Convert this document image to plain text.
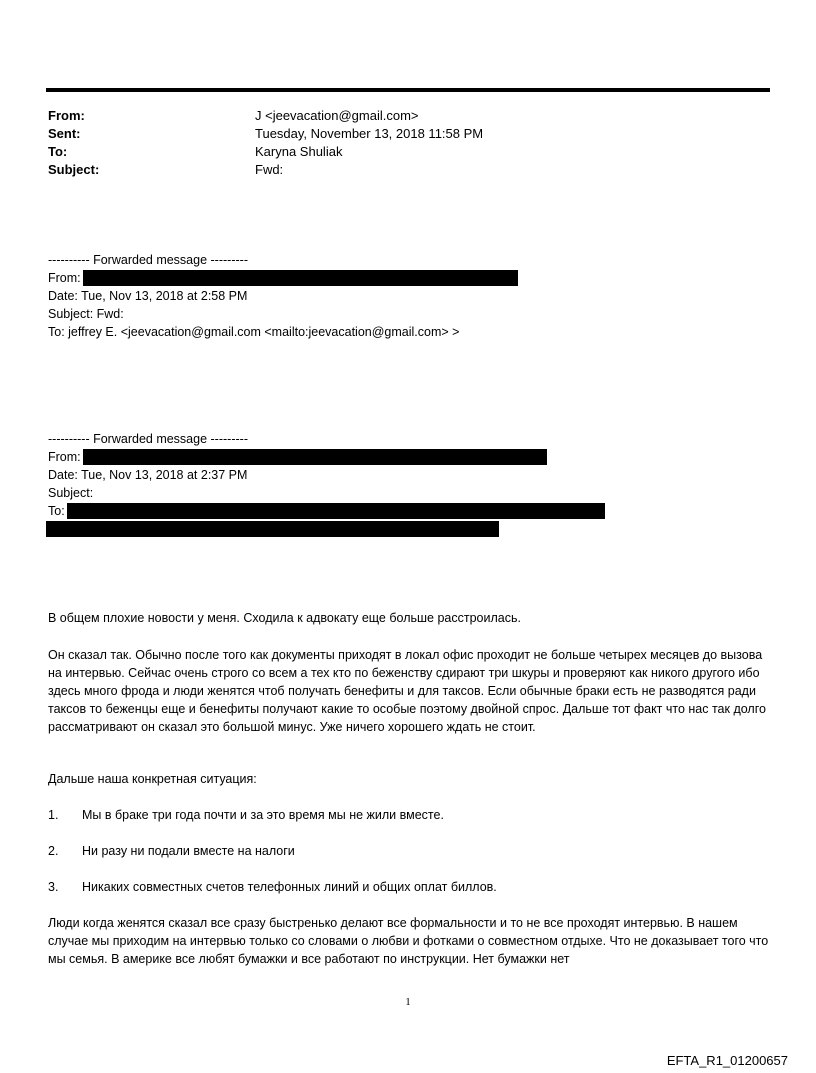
From:	J <jeevacation@gmail.com>
Sent:	Tuesday, November 13, 2018 11:58 PM
To:	Karyna Shuliak
Subject:	Fwd:
---------- Forwarded message ---------
From:
Date: Tue, Nov 13, 2018 at 2:58 PM
Subject: Fwd:
To: jeffrey E. <jeevacation@gmail.com <mailto:jeevacation@gmail.com> >
---------- Forwarded message ---------
From:
Date: Tue, Nov 13, 2018 at 2:37 PM
Subject:
To:
В общем плохие новости у меня. Сходила к адвокату еще больше расстроилась.
Он сказал так. Обычно после того как документы приходят в локал офис проходит не больше четырех месяцев до вызова на интервью. Сейчас очень строго со всем а тех кто по беженству сдирают три шкуры и проверяют как никого другого ибо здесь много фрода и люди женятся чтоб получать бенефиты и для таксов. Если обычные браки есть не разводятся ради таксов то беженцы еще и бенефиты получают какие то особые поэтому двойной спрос. Дальше тот факт что нас так долго рассматривают он сказал это большой минус. Уже ничего хорошего ждать не стоит.
Дальше наша конкретная ситуация:
1. Мы в браке три года почти и за это время мы не жили вместе.
2. Ни разу ни подали вместе на налоги
3. Никаких совместных счетов телефонных линий и общих оплат биллов.
Люди когда женятся сказал все сразу быстренько делают все формальности и то не все проходят интервью. В нашем случае мы приходим на интервью только со словами о любви и фотками о совместном отдыхе. Что не доказывает того что мы семья. В америке все любят бумажки и все работают по инструкции. Нет бумажки нет
1
EFTA_R1_01200657
